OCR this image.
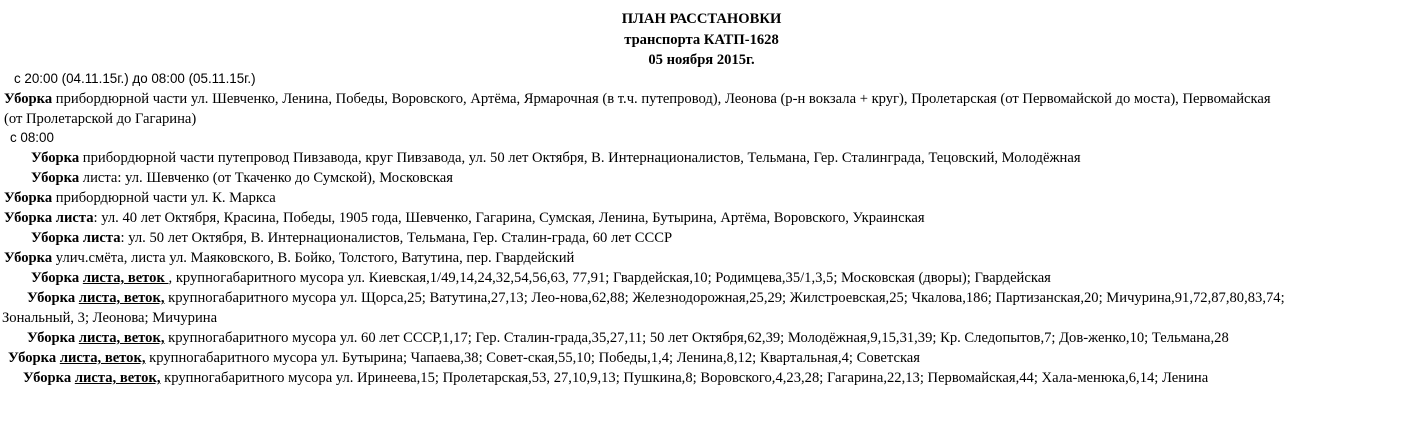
ПЛАН РАССТАНОВКИ
транспорта КАТП-1628
05 ноября 2015г.
с 20:00 (04.11.15г.) до 08:00 (05.11.15г.)
Уборка прибордюрной части ул. Шевченко, Ленина, Победы, Воровского, Артёма, Ярмарочная (в т.ч. путепровод), Леонова (р-н вокзала + круг), Пролетарская (от Первомайской до моста), Первомайская
(от Пролетарской до Гагарина)
с 08:00
Уборка прибордюрной части путепровод Пивзавода, круг Пивзавода, ул. 50 лет Октября, В. Интернационалистов, Тельмана, Гер. Сталинграда, Тецовский, Молодёжная
Уборка листа: ул. Шевченко (от Ткаченко до Сумской), Московская
Уборка прибордюрной части ул. К. Маркса
Уборка листа: ул. 40 лет Октября, Красина, Победы, 1905 года, Шевченко, Гагарина, Сумская, Ленина, Бутырина, Артёма, Воровского, Украинская
Уборка листа: ул. 50 лет Октября, В. Интернационалистов, Тельмана, Гер. Сталин-града, 60 лет СССР
Уборка улич.смёта, листа ул. Маяковского, В. Бойко, Толстого, Ватутина, пер. Гвардейский
Уборка листа, веток , крупногабаритного мусора ул. Киевская,1/49,14,24,32,54,56,63, 77,91; Гвардейская,10; Родимцева,35/1,3,5; Московская (дворы); Гвардейская
Уборка листа, веток, крупногабаритного мусора ул. Щорса,25; Ватутина,27,13; Лео-нова,62,88; Железнодорожная,25,29; Жилстроевская,25; Чкалова,186; Партизанская,20; Мичурина,91,72,87,80,83,74;
Зональный, 3; Леонова; Мичурина
Уборка листа, веток, крупногабаритного мусора ул. 60 лет СССР,1,17; Гер. Сталин-града,35,27,11; 50 лет Октября,62,39; Молодёжная,9,15,31,39; Кр. Следопытов,7; Дов-женко,10; Тельмана,28
Уборка листа, веток, крупногабаритного мусора ул. Бутырина; Чапаева,38; Совет-ская,55,10; Победы,1,4; Ленина,8,12; Квартальная,4; Советская
Уборка листа, веток, крупногабаритного мусора ул. Иринеева,15; Пролетарская,53, 27,10,9,13; Пушкина,8; Воровского,4,23,28; Гагарина,22,13; Первомайская,44; Хала-менюка,6,14; Ленина
